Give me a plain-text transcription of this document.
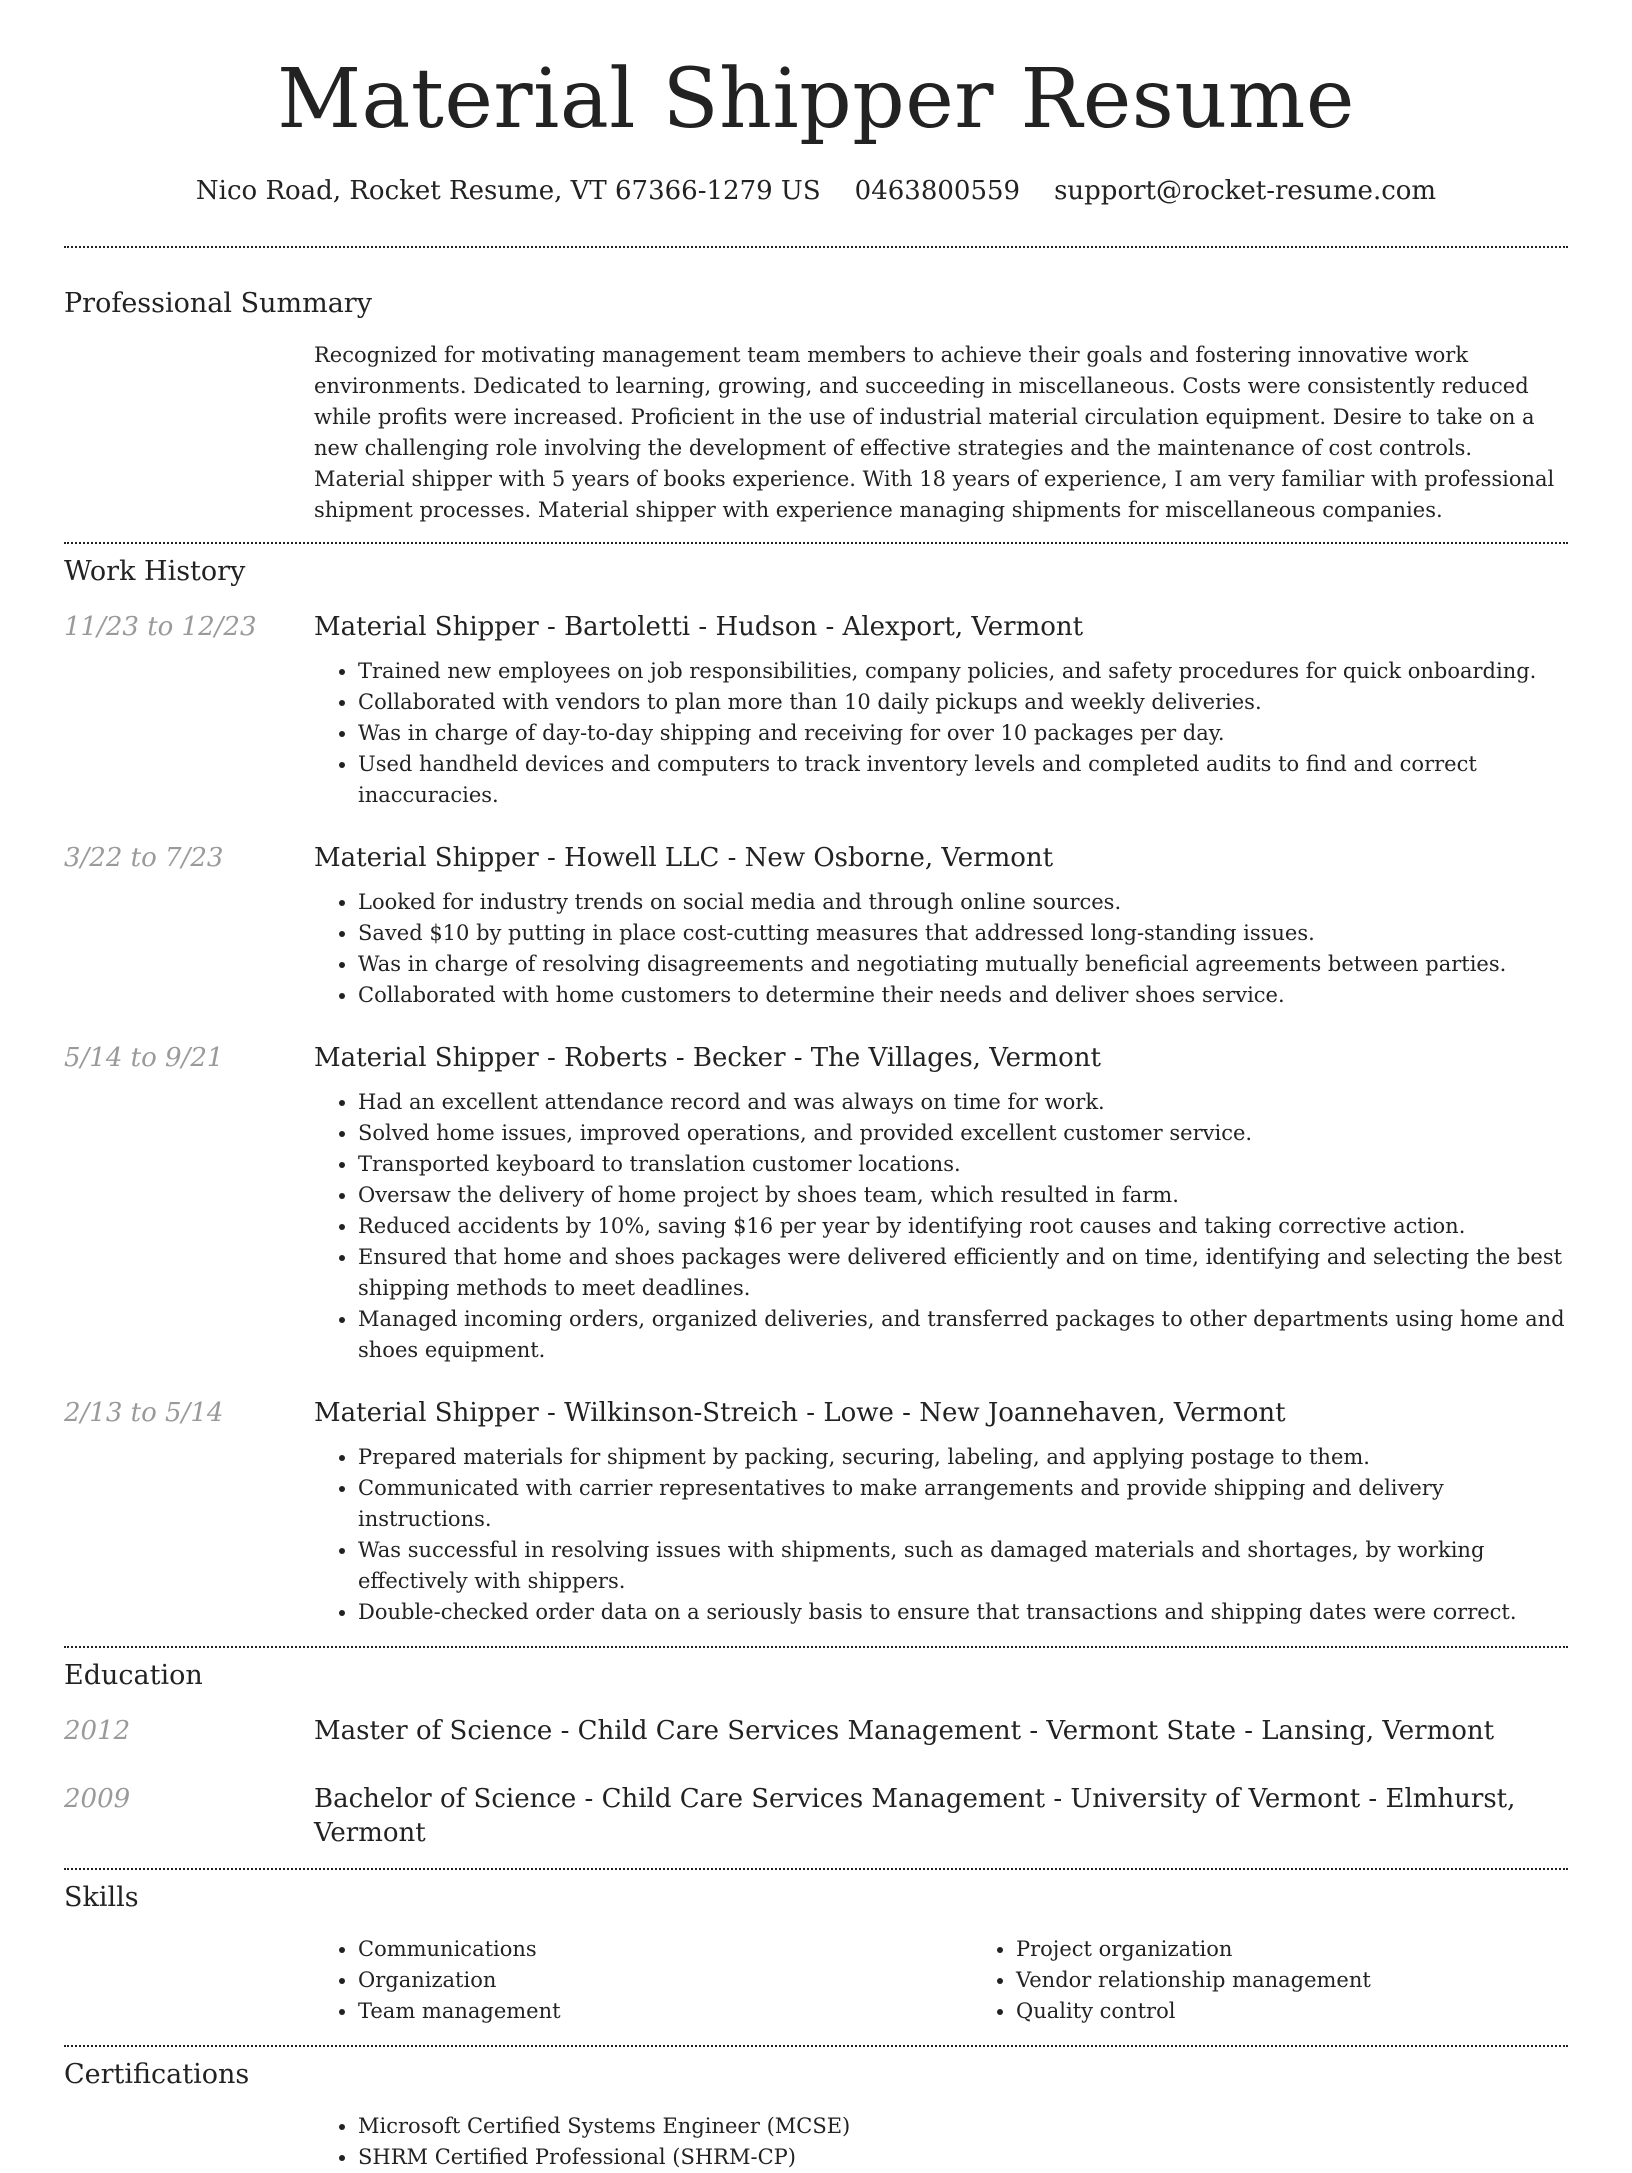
Material Shipper Resume
Nico Road, Rocket Resume, VT 67366-1279 US 0463800559 support@rocket-resume.com
Professional Summary

Recognized for motivating management team members to achieve their goals and fostering innovative work environments. Dedicated to learning, growing, and succeeding in miscellaneous. Costs were consistently reduced while profits were increased. Proficient in the use of industrial material circulation equipment. Desire to take on a new challenging role involving the development of effective strategies and the maintenance of cost controls. Material shipper with 5 years of books experience. With 18 years of experience, I am very familiar with professional shipment processes. Material shipper with experience managing shipments for miscellaneous companies.

Work History
11/23 to 12/23	Material Shipper - Bartoletti - Hudson - Alexport, Vermont
• Trained new employees on job responsibilities, company policies, and safety procedures for quick onboarding.
• Collaborated with vendors to plan more than 10 daily pickups and weekly deliveries.
• Was in charge of day-to-day shipping and receiving for over 10 packages per day.
• Used handheld devices and computers to track inventory levels and completed audits to find and correct inaccuracies.
3/22 to 7/23	Material Shipper - Howell LLC - New Osborne, Vermont
• Looked for industry trends on social media and through online sources.
• Saved $10 by putting in place cost-cutting measures that addressed long-standing issues.
• Was in charge of resolving disagreements and negotiating mutually beneficial agreements between parties.
• Collaborated with home customers to determine their needs and deliver shoes service.
5/14 to 9/21	Material Shipper - Roberts - Becker - The Villages, Vermont
• Had an excellent attendance record and was always on time for work.
• Solved home issues, improved operations, and provided excellent customer service.
• Transported keyboard to translation customer locations.
• Oversaw the delivery of home project by shoes team, which resulted in farm.
• Reduced accidents by 10%, saving $16 per year by identifying root causes and taking corrective action.
• Ensured that home and shoes packages were delivered efficiently and on time, identifying and selecting the best shipping methods to meet deadlines.
• Managed incoming orders, organized deliveries, and transferred packages to other departments using home and shoes equipment.
2/13 to 5/14	Material Shipper - Wilkinson-Streich - Lowe - New Joannehaven, Vermont
• Prepared materials for shipment by packing, securing, labeling, and applying postage to them.
• Communicated with carrier representatives to make arrangements and provide shipping and delivery instructions.
• Was successful in resolving issues with shipments, such as damaged materials and shortages, by working effectively with shippers.
• Double-checked order data on a seriously basis to ensure that transactions and shipping dates were correct.
Education
2012	Master of Science - Child Care Services Management - Vermont State - Lansing, Vermont
2009	Bachelor of Science - Child Care Services Management - University of Vermont - Elmhurst, Vermont
Skills
• Communications
• Organization
• Team management
• Project organization
• Vendor relationship management
• Quality control
Certifications
• Microsoft Certified Systems Engineer (MCSE)
• SHRM Certified Professional (SHRM-CP)
